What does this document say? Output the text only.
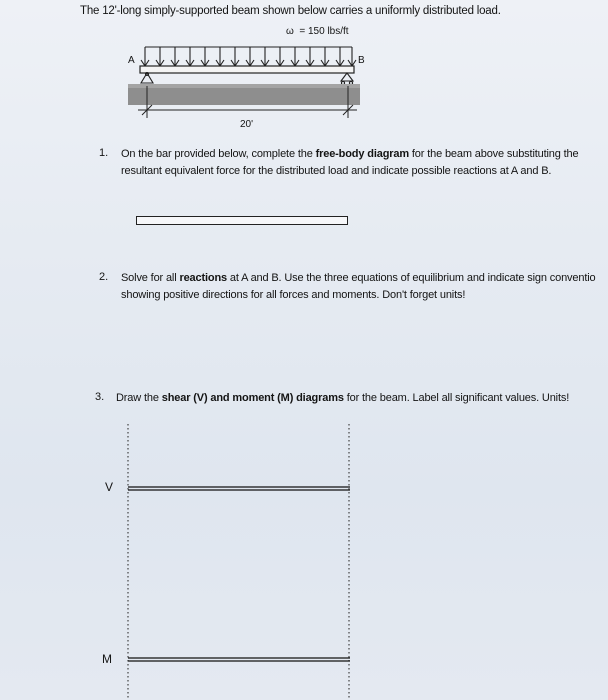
The 12'-long simply-supported beam shown below carries a uniformly distributed load.
ω = 150 lbs/ft
A	B
20'
1. On the bar provided below, complete the free-body diagram for the beam above substituting the
resultant equivalent force for the distributed load and indicate possible reactions at A and B.
2. Solve for all reactions at A and B. Use the three equations of equilibrium and indicate sign conventio
showing positive directions for all forces and moments. Don't forget units!
3. Draw the shear (V) and moment (M) diagrams for the beam. Label all significant values. Units!
V
M
